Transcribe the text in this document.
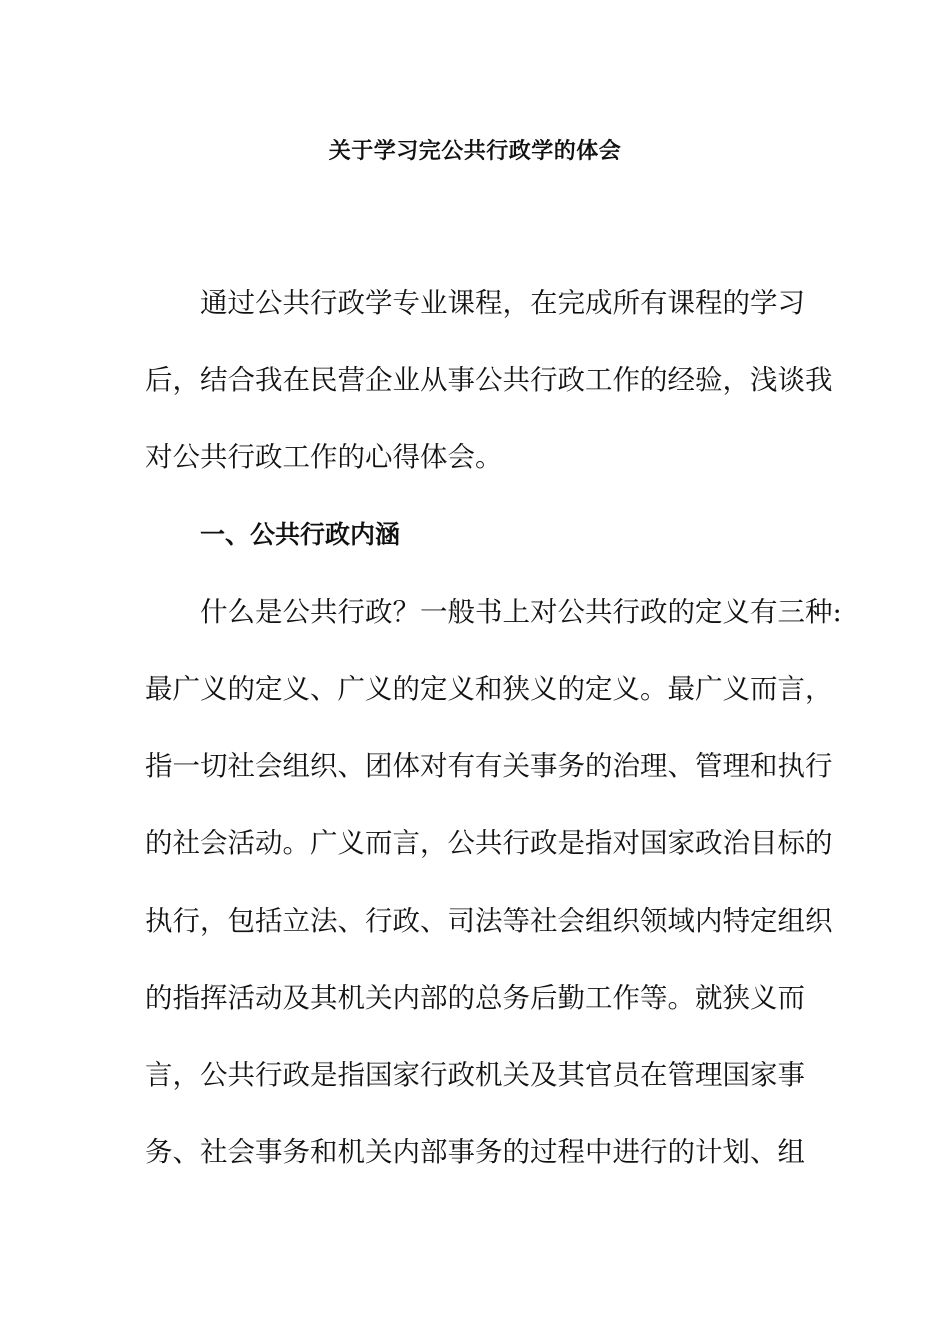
关于学习完公共行政学的体会
通过公共行政学专业课程，在完成所有课程的学习
后，结合我在民营企业从事公共行政工作的经验，浅谈我
对公共行政工作的心得体会。
一、公共行政内涵
什么是公共行政？一般书上对公共行政的定义有三种:
最广义的定义、广义的定义和狭义的定义。最广义而言，
指一切社会组织、团体对有有关事务的治理、管理和执行
的社会活动。广义而言，公共行政是指对国家政治目标的
执行，包括立法、行政、司法等社会组织领域内特定组织
的指挥活动及其机关内部的总务后勤工作等。就狭义而
言，公共行政是指国家行政机关及其官员在管理国家事
务、社会事务和机关内部事务的过程中进行的计划、组
